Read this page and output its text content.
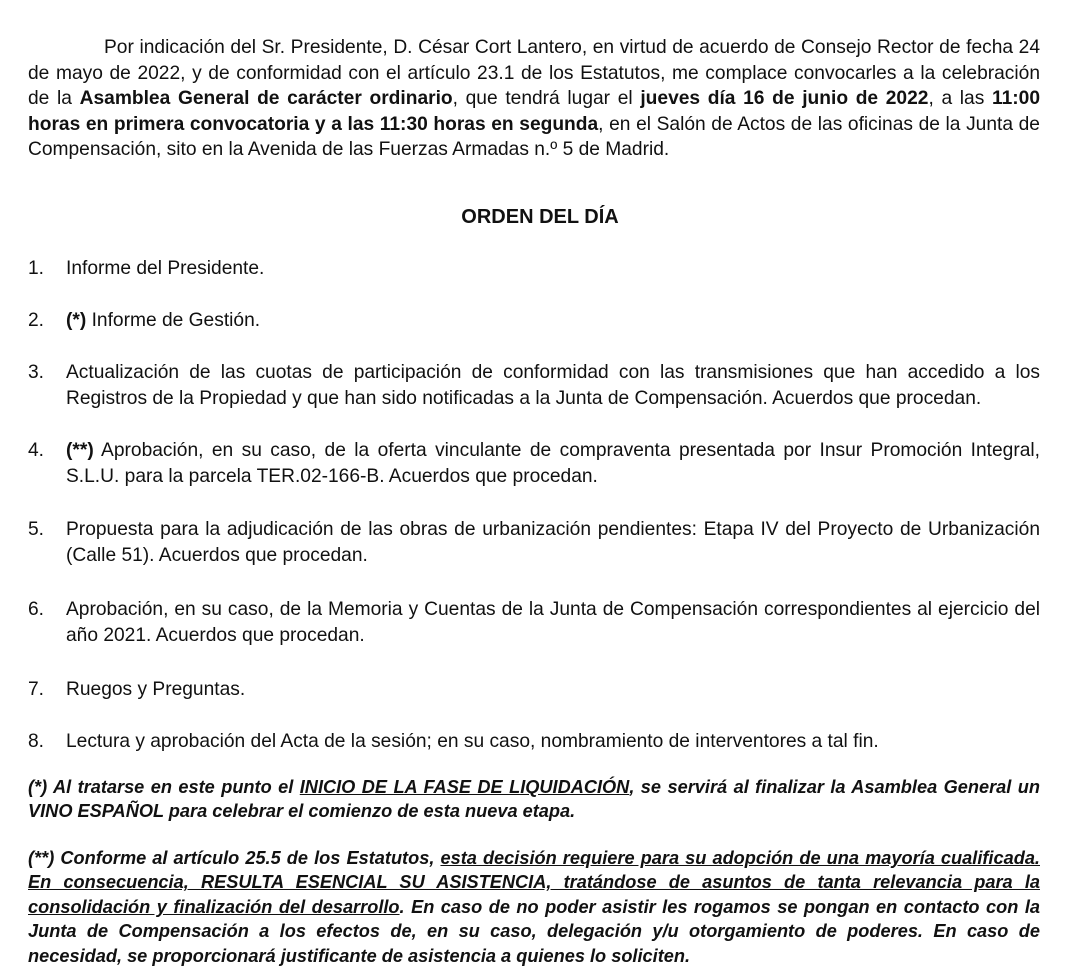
Por indicación del Sr. Presidente, D. César Cort Lantero, en virtud de acuerdo de Consejo Rector de fecha 24 de mayo de 2022, y de conformidad con el artículo 23.1 de los Estatutos, me complace convocarles a la celebración de la Asamblea General de carácter ordinario, que tendrá lugar el jueves día 16 de junio de 2022, a las 11:00 horas en primera convocatoria y a las 11:30 horas en segunda, en el Salón de Actos de las oficinas de la Junta de Compensación, sito en la Avenida de las Fuerzas Armadas n.º 5 de Madrid.

ORDEN DEL DÍA
1.	Informe del Presidente.
2.	(*) Informe de Gestión.
3.	Actualización de las cuotas de participación de conformidad con las transmisiones que han accedido a los Registros de la Propiedad y que han sido notificadas a la Junta de Compensación. Acuerdos que procedan.
4.	(**) Aprobación, en su caso, de la oferta vinculante de compraventa presentada por Insur Promoción Integral, S.L.U. para la parcela TER.02-166-B. Acuerdos que procedan.
5.	Propuesta para la adjudicación de las obras de urbanización pendientes: Etapa IV del Proyecto de Urbanización (Calle 51). Acuerdos que procedan.
6.	Aprobación, en su caso, de la Memoria y Cuentas de la Junta de Compensación correspondientes al ejercicio del año 2021. Acuerdos que procedan.
7.	Ruegos y Preguntas.
8.	Lectura y aprobación del Acta de la sesión; en su caso, nombramiento de interventores a tal fin.

(*) Al tratarse en este punto el INICIO DE LA FASE DE LIQUIDACIÓN, se servirá al finalizar la Asamblea General un VINO ESPAÑOL para celebrar el comienzo de esta nueva etapa.

(**) Conforme al artículo 25.5 de los Estatutos, esta decisión requiere para su adopción de una mayoría cualificada. En consecuencia, RESULTA ESENCIAL SU ASISTENCIA, tratándose de asuntos de tanta relevancia para la consolidación y finalización del desarrollo. En caso de no poder asistir les rogamos se pongan en contacto con la Junta de Compensación a los efectos de, en su caso, delegación y/u otorgamiento de poderes. En caso de necesidad, se proporcionará justificante de asistencia a quienes lo soliciten.
